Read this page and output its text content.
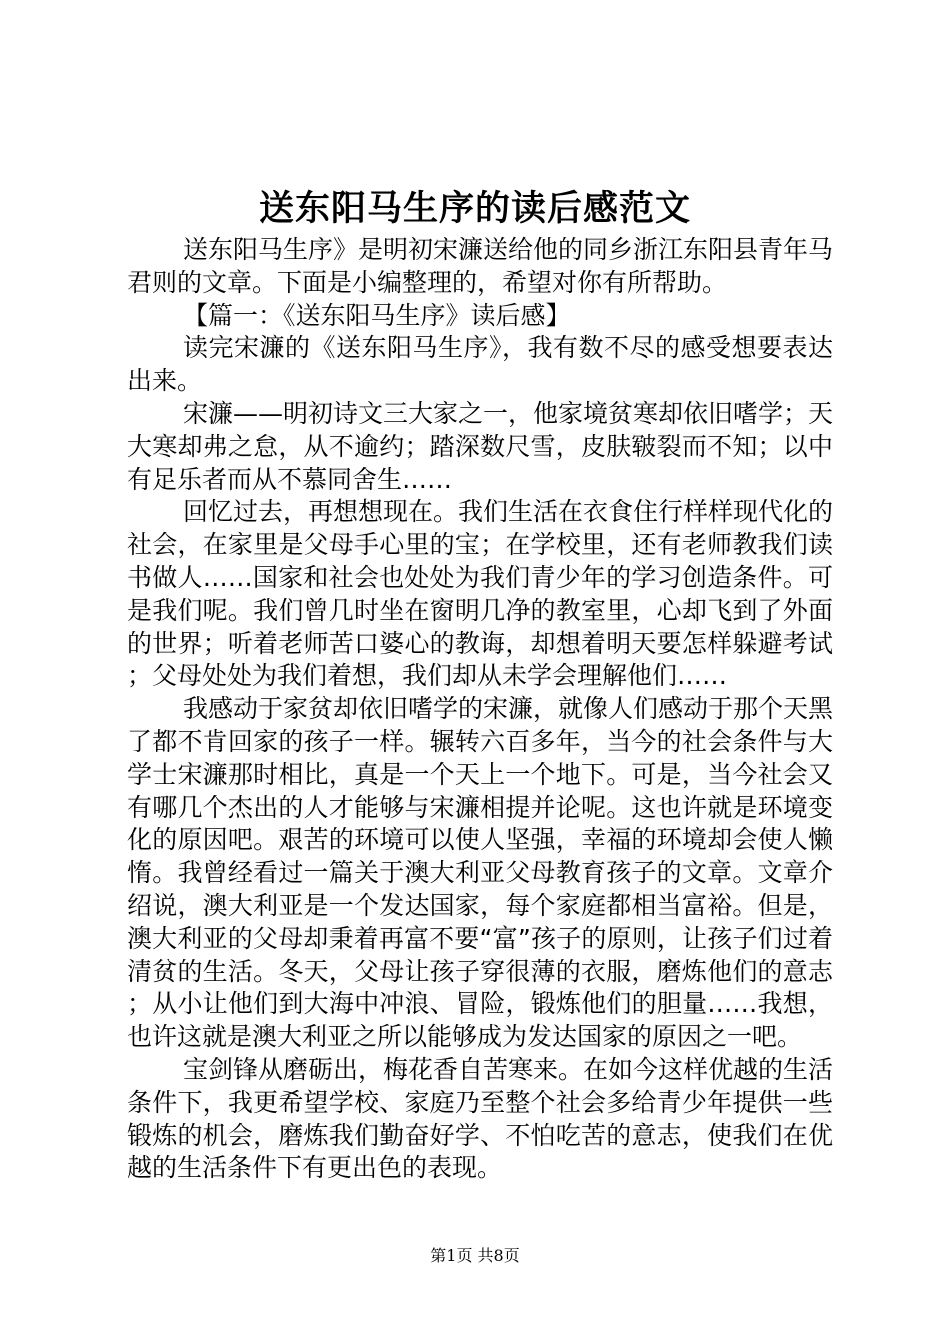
送东阳马生序的读后感范文

送东阳马生序》是明初宋濂送给他的同乡浙江东阳县青年马君则的文章。下面是小编整理的，希望对你有所帮助。

【篇一：《送东阳马生序》读后感】

读完宋濂的《送东阳马生序》，我有数不尽的感受想要表达出来。

宋濂——明初诗文三大家之一，他家境贫寒却依旧嗜学；天大寒却弗之怠，从不逾约；踏深数尺雪，皮肤皲裂而不知；以中有足乐者而从不慕同舍生……

回忆过去，再想想现在。我们生活在衣食住行样样现代化的社会，在家里是父母手心里的宝；在学校里，还有老师教我们读书做人……国家和社会也处处为我们青少年的学习创造条件。可是我们呢。我们曾几时坐在窗明几净的教室里，心却飞到了外面的世界；听着老师苦口婆心的教诲，却想着明天要怎样躲避考试；父母处处为我们着想，我们却从未学会理解他们……

我感动于家贫却依旧嗜学的宋濂，就像人们感动于那个天黑了都不肯回家的孩子一样。辗转六百多年，当今的社会条件与大学士宋濂那时相比，真是一个天上一个地下。可是，当今社会又有哪几个杰出的人才能够与宋濂相提并论呢。这也许就是环境变化的原因吧。艰苦的环境可以使人坚强，幸福的环境却会使人懒惰。我曾经看过一篇关于澳大利亚父母教育孩子的文章。文章介绍说，澳大利亚是一个发达国家，每个家庭都相当富裕。但是，澳大利亚的父母却秉着再富不要“富”孩子的原则，让孩子们过着清贫的生活。冬天，父母让孩子穿很薄的衣服，磨炼他们的意志；从小让他们到大海中冲浪、冒险，锻炼他们的胆量……我想，也许这就是澳大利亚之所以能够成为发达国家的原因之一吧。

宝剑锋从磨砺出，梅花香自苦寒来。在如今这样优越的生活条件下，我更希望学校、家庭乃至整个社会多给青少年提供一些锻炼的机会，磨炼我们勤奋好学、不怕吃苦的意志，使我们在优越的生活条件下有更出色的表现。

第1页 共8页
